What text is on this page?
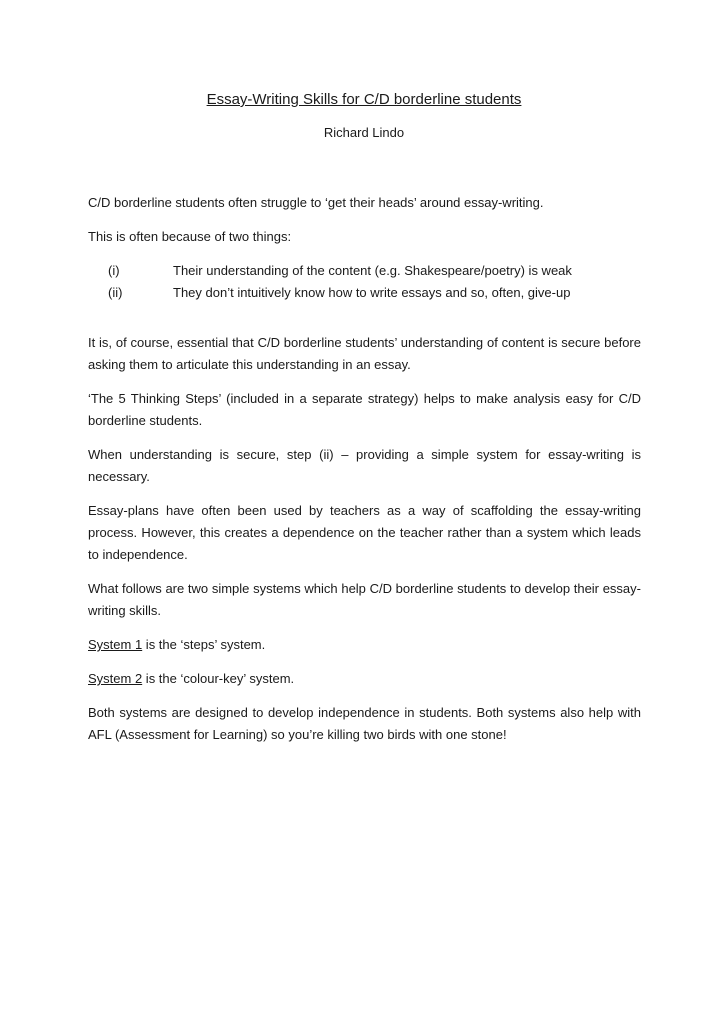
Essay-Writing Skills for C/D borderline students
Richard Lindo

C/D borderline students often struggle to ‘get their heads’ around essay-writing.

This is often because of two things:

(i)	Their understanding of the content (e.g. Shakespeare/poetry) is weak
(ii)	They don’t intuitively know how to write essays and so, often, give-up

It is, of course, essential that C/D borderline students’ understanding of content is secure before asking them to articulate this understanding in an essay.

‘The 5 Thinking Steps’ (included in a separate strategy) helps to make analysis easy for C/D borderline students.

When understanding is secure, step (ii) – providing a simple system for essay-writing is necessary.

Essay-plans have often been used by teachers as a way of scaffolding the essay-writing process. However, this creates a dependence on the teacher rather than a system which leads to independence.

What follows are two simple systems which help C/D borderline students to develop their essay-writing skills.

System 1 is the ‘steps’ system.

System 2 is the ‘colour-key’ system.

Both systems are designed to develop independence in students. Both systems also help with AFL (Assessment for Learning) so you’re killing two birds with one stone!
